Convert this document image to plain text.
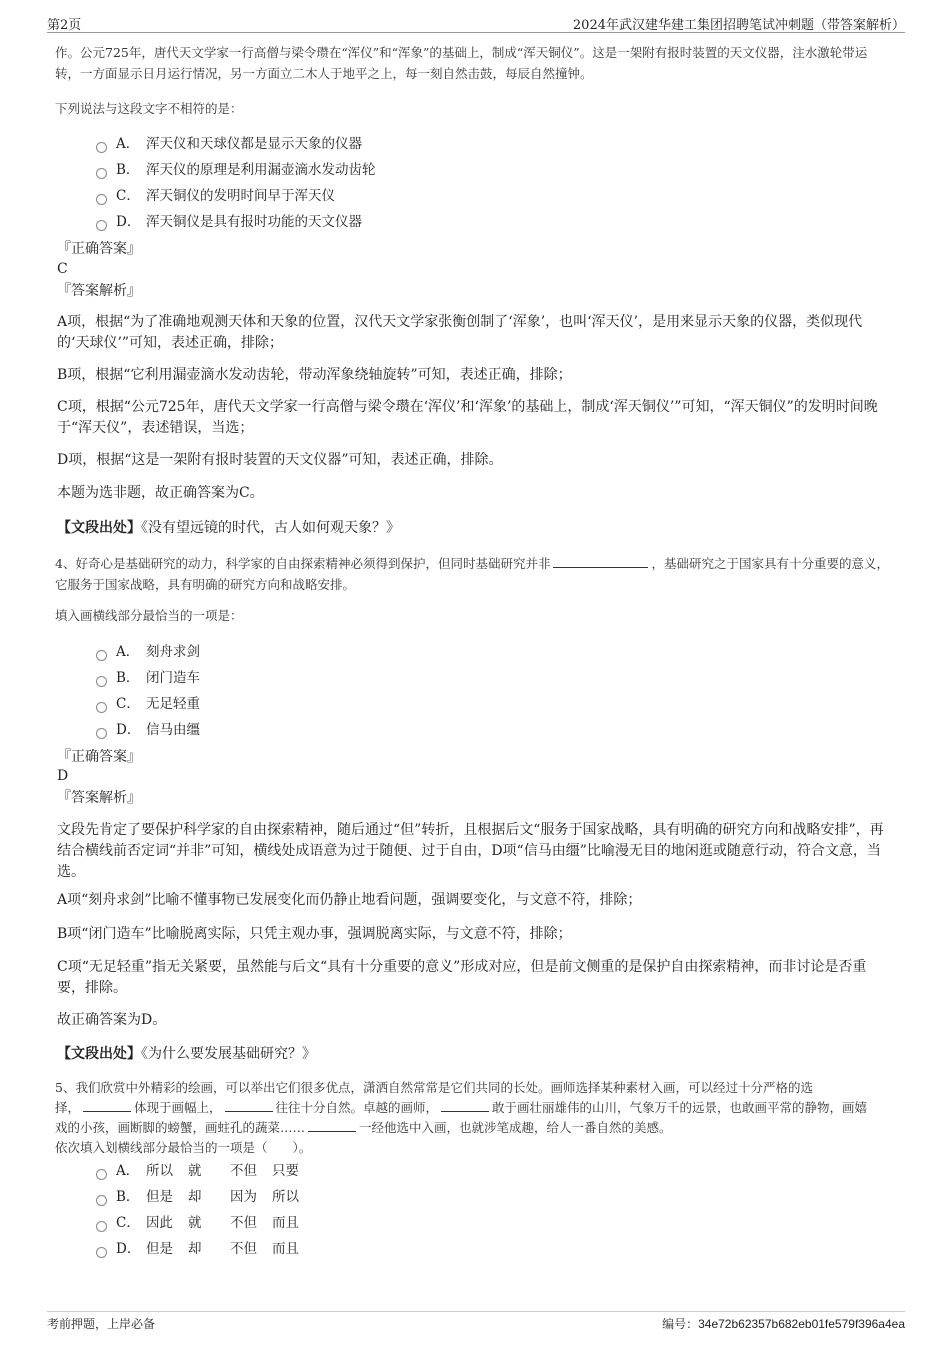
第2页	2024年武汉建华建工集团招聘笔试冲刺题（带答案解析）
作。公元725年，唐代天文学家一行高僧与梁令瓒在“浑仪”和“浑象”的基础上，制成“浑天铜仪”。这是一架附有报时装置的天文仪器，注水激轮带运转，一方面显示日月运行情况，另一方面立二木人于地平之上，每一刻自然击鼓，每辰自然撞钟。
下列说法与这段文字不相符的是：
A． 浑天仪和天球仪都是显示天象的仪器
B． 浑天仪的原理是利用漏壶滴水发动齿轮
C． 浑天铜仪的发明时间早于浑天仪
D． 浑天铜仪是具有报时功能的天文仪器
『正确答案』
C
『答案解析』
A项，根据“为了准确地观测天体和天象的位置，汉代天文学家张衡创制了‘浑象’，也叫‘浑天仪’，是用来显示天象的仪器，类似现代的‘天球仪’”可知，表述正确，排除；
B项，根据“它利用漏壶滴水发动齿轮，带动浑象绕轴旋转”可知，表述正确，排除；
C项，根据“公元725年，唐代天文学家一行高僧与梁令瓒在‘浑仪’和‘浑象’的基础上，制成‘浑天铜仪’”可知，“浑天铜仪”的发明时间晚于“浑天仪”，表述错误，当选；
D项，根据“这是一架附有报时装置的天文仪器”可知，表述正确，排除。
本题为选非题，故正确答案为C。
【文段出处】《没有望远镜的时代，古人如何观天象？》
4、好奇心是基础研究的动力，科学家的自由探索精神必须得到保护，但同时基础研究并非	，基础研究之于国家具有十分重要的意义，它服务于国家战略，具有明确的研究方向和战略安排。
填入画横线部分最恰当的一项是：
A． 刻舟求剑
B． 闭门造车
C． 无足轻重
D． 信马由缰
『正确答案』
D
『答案解析』
文段先肯定了要保护科学家的自由探索精神，随后通过“但”转折，且根据后文“服务于国家战略，具有明确的研究方向和战略安排”，再结合横线前否定词“并非”可知，横线处成语意为过于随便、过于自由，D项“信马由缰”比喻漫无目的地闲逛或随意行动，符合文意，当选。
A项“刻舟求剑”比喻不懂事物已发展变化而仍静止地看问题，强调要变化，与文意不符，排除；
B项“闭门造车”比喻脱离实际，只凭主观办事，强调脱离实际，与文意不符，排除；
C项“无足轻重”指无关紧要，虽然能与后文“具有十分重要的意义”形成对应，但是前文侧重的是保护自由探索精神，而非讨论是否重要，排除。
故正确答案为D。
【文段出处】《为什么要发展基础研究？》
5、我们欣赏中外精彩的绘画，可以举出它们很多优点，潇洒自然常常是它们共同的长处。画师选择某种素材入画，可以经过十分严格的选
择，	体现于画幅上，	往往十分自然。卓越的画师，	敢于画壮丽雄伟的山川，气象万千的远景，也敢画平常的静物，画嬉
戏的小孩，画断脚的螃蟹，画蛀孔的蔬菜……	一经他选中入画，也就涉笔成趣，给人一番自然的美感。
依次填入划横线部分最恰当的一项是（　　）。
A． 所以	就	不但	只要
B． 但是	却	因为	所以
C． 因此	就	不但	而且
D． 但是	却	不但	而且
考前押题，上岸必备	编号：34e72b62357b682eb01fe579f396a4ea
